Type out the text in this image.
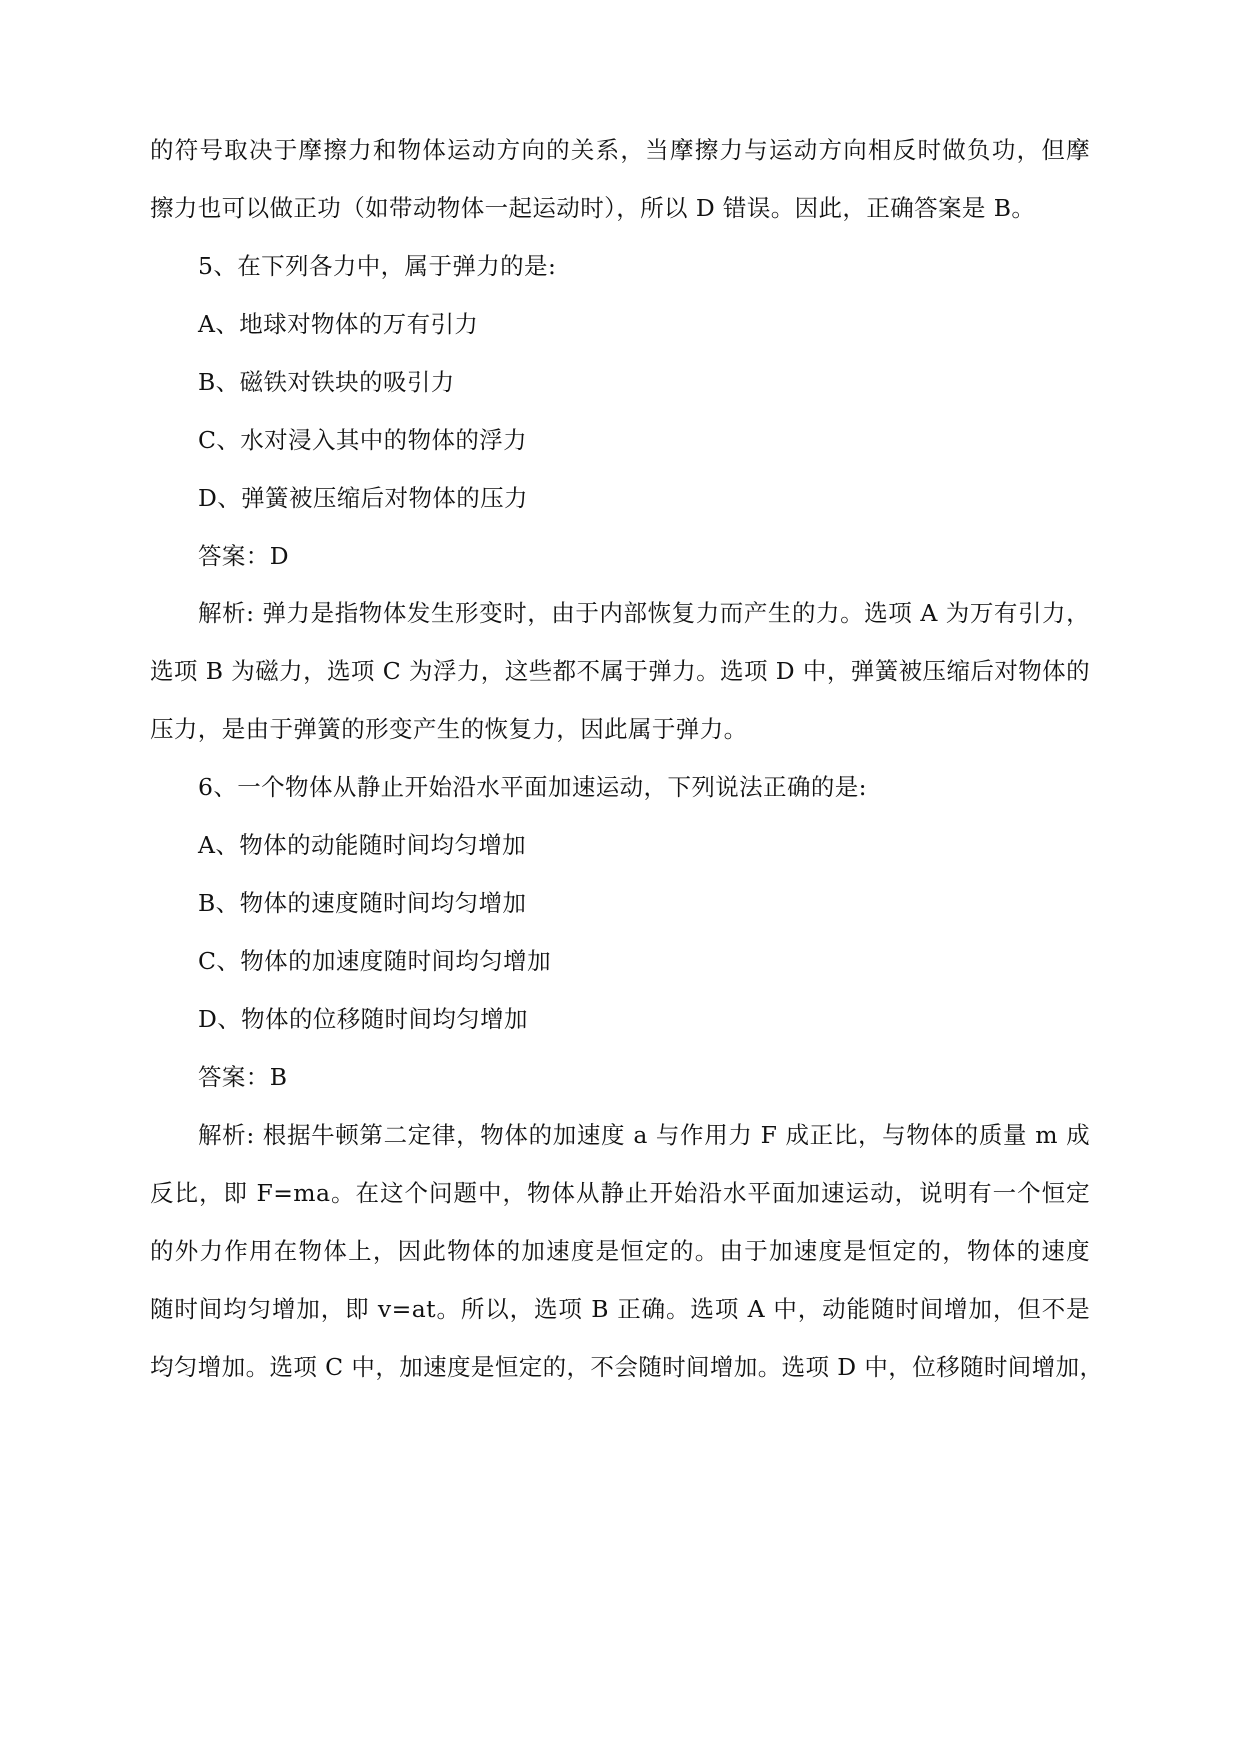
的符号取决于摩擦力和物体运动方向的关系，当摩擦力与运动方向相反时做负功，但摩
擦力也可以做正功（如带动物体一起运动时），所以 D 错误。因此，正确答案是 B。
5、在下列各力中，属于弹力的是:
A、地球对物体的万有引力
B、磁铁对铁块的吸引力
C、水对浸入其中的物体的浮力
D、弹簧被压缩后对物体的压力
答案：D
解析: 弹力是指物体发生形变时，由于内部恢复力而产生的力。选项 A 为万有引力，
选项 B 为磁力，选项 C 为浮力，这些都不属于弹力。选项 D 中，弹簧被压缩后对物体的
压力，是由于弹簧的形变产生的恢复力，因此属于弹力。
6、一个物体从静止开始沿水平面加速运动，下列说法正确的是:
A、物体的动能随时间均匀增加
B、物体的速度随时间均匀增加
C、物体的加速度随时间均匀增加
D、物体的位移随时间均匀增加
答案：B
解析: 根据牛顿第二定律，物体的加速度 a 与作用力 F 成正比，与物体的质量 m 成
反比，即 F=ma。在这个问题中，物体从静止开始沿水平面加速运动，说明有一个恒定
的外力作用在物体上，因此物体的加速度是恒定的。由于加速度是恒定的，物体的速度
随时间均匀增加，即 v=at。所以，选项 B 正确。选项 A 中，动能随时间增加，但不是
均匀增加。选项 C 中，加速度是恒定的，不会随时间增加。选项 D 中，位移随时间增加，
